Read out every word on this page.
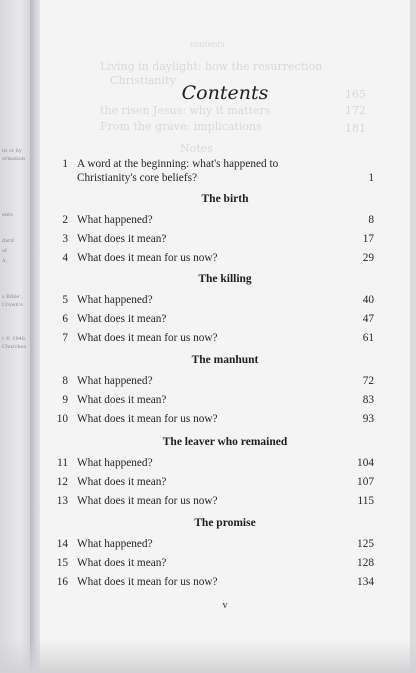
nt or by
ormation
ents
dard
of
A,
s Bible',
Crown's
t © 1946,
Churches
contents
Living in daylight: how the resurrection
Christianity
165
the risen Jesus: why it matters	172
From the grave: implications	181
Notes
Contents
1 A word at the beginning: what's happened to
Christianity's core beliefs?	1
The birth
2 What happened?	8
3 What does it mean?	17
4 What does it mean for us now?	29
The killing
5 What happened?	40
6 What does it mean?	47
7 What does it mean for us now?	61
The manhunt
8 What happened?	72
9 What does it mean?	83
10 What does it mean for us now?	93
The leaver who remained
11 What happened?	104
12 What does it mean?	107
13 What does it mean for us now?	115
The promise
14 What happened?	125
15 What does it mean?	128
16 What does it mean for us now?	134
v
